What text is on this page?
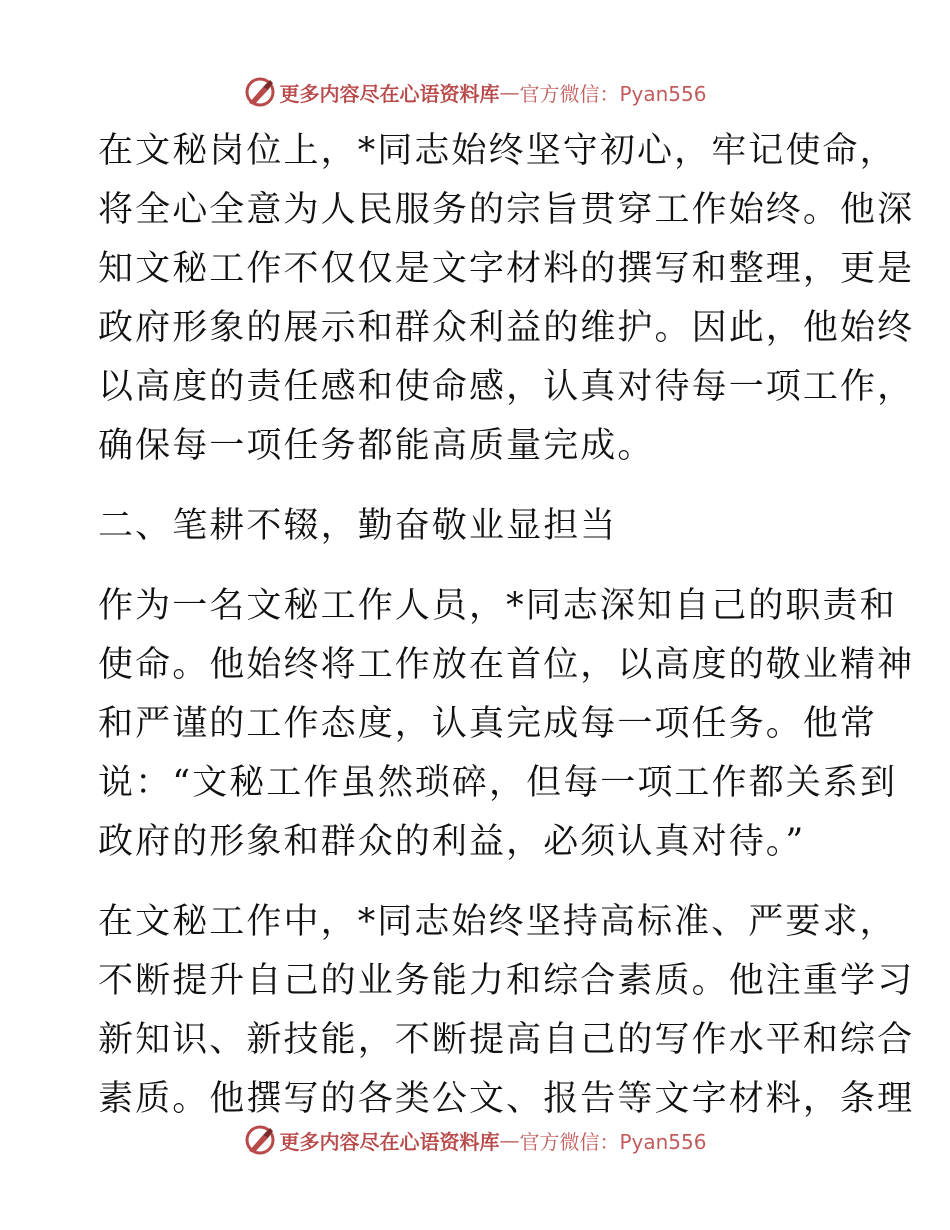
更多内容尽在心语资料库 — 官方微信：Pyan556
在文秘岗位上，*同志始终坚守初心，牢记使命，
将全心全意为人民服务的宗旨贯穿工作始终。他深
知文秘工作不仅仅是文字材料的撰写和整理，更是
政府形象的展示和群众利益的维护。因此，他始终
以高度的责任感和使命感，认真对待每一项工作，
确保每一项任务都能高质量完成。
二、笔耕不辍，勤奋敬业显担当
作为一名文秘工作人员，*同志深知自己的职责和
使命。他始终将工作放在首位，以高度的敬业精神
和严谨的工作态度，认真完成每一项任务。他常
说：“文秘工作虽然琐碎，但每一项工作都关系到
政府的形象和群众的利益，必须认真对待。”
在文秘工作中，*同志始终坚持高标准、严要求，
不断提升自己的业务能力和综合素质。他注重学习
新知识、新技能，不断提高自己的写作水平和综合
素质。他撰写的各类公文、报告等文字材料，条理
更多内容尽在心语资料库 — 官方微信：Pyan556
